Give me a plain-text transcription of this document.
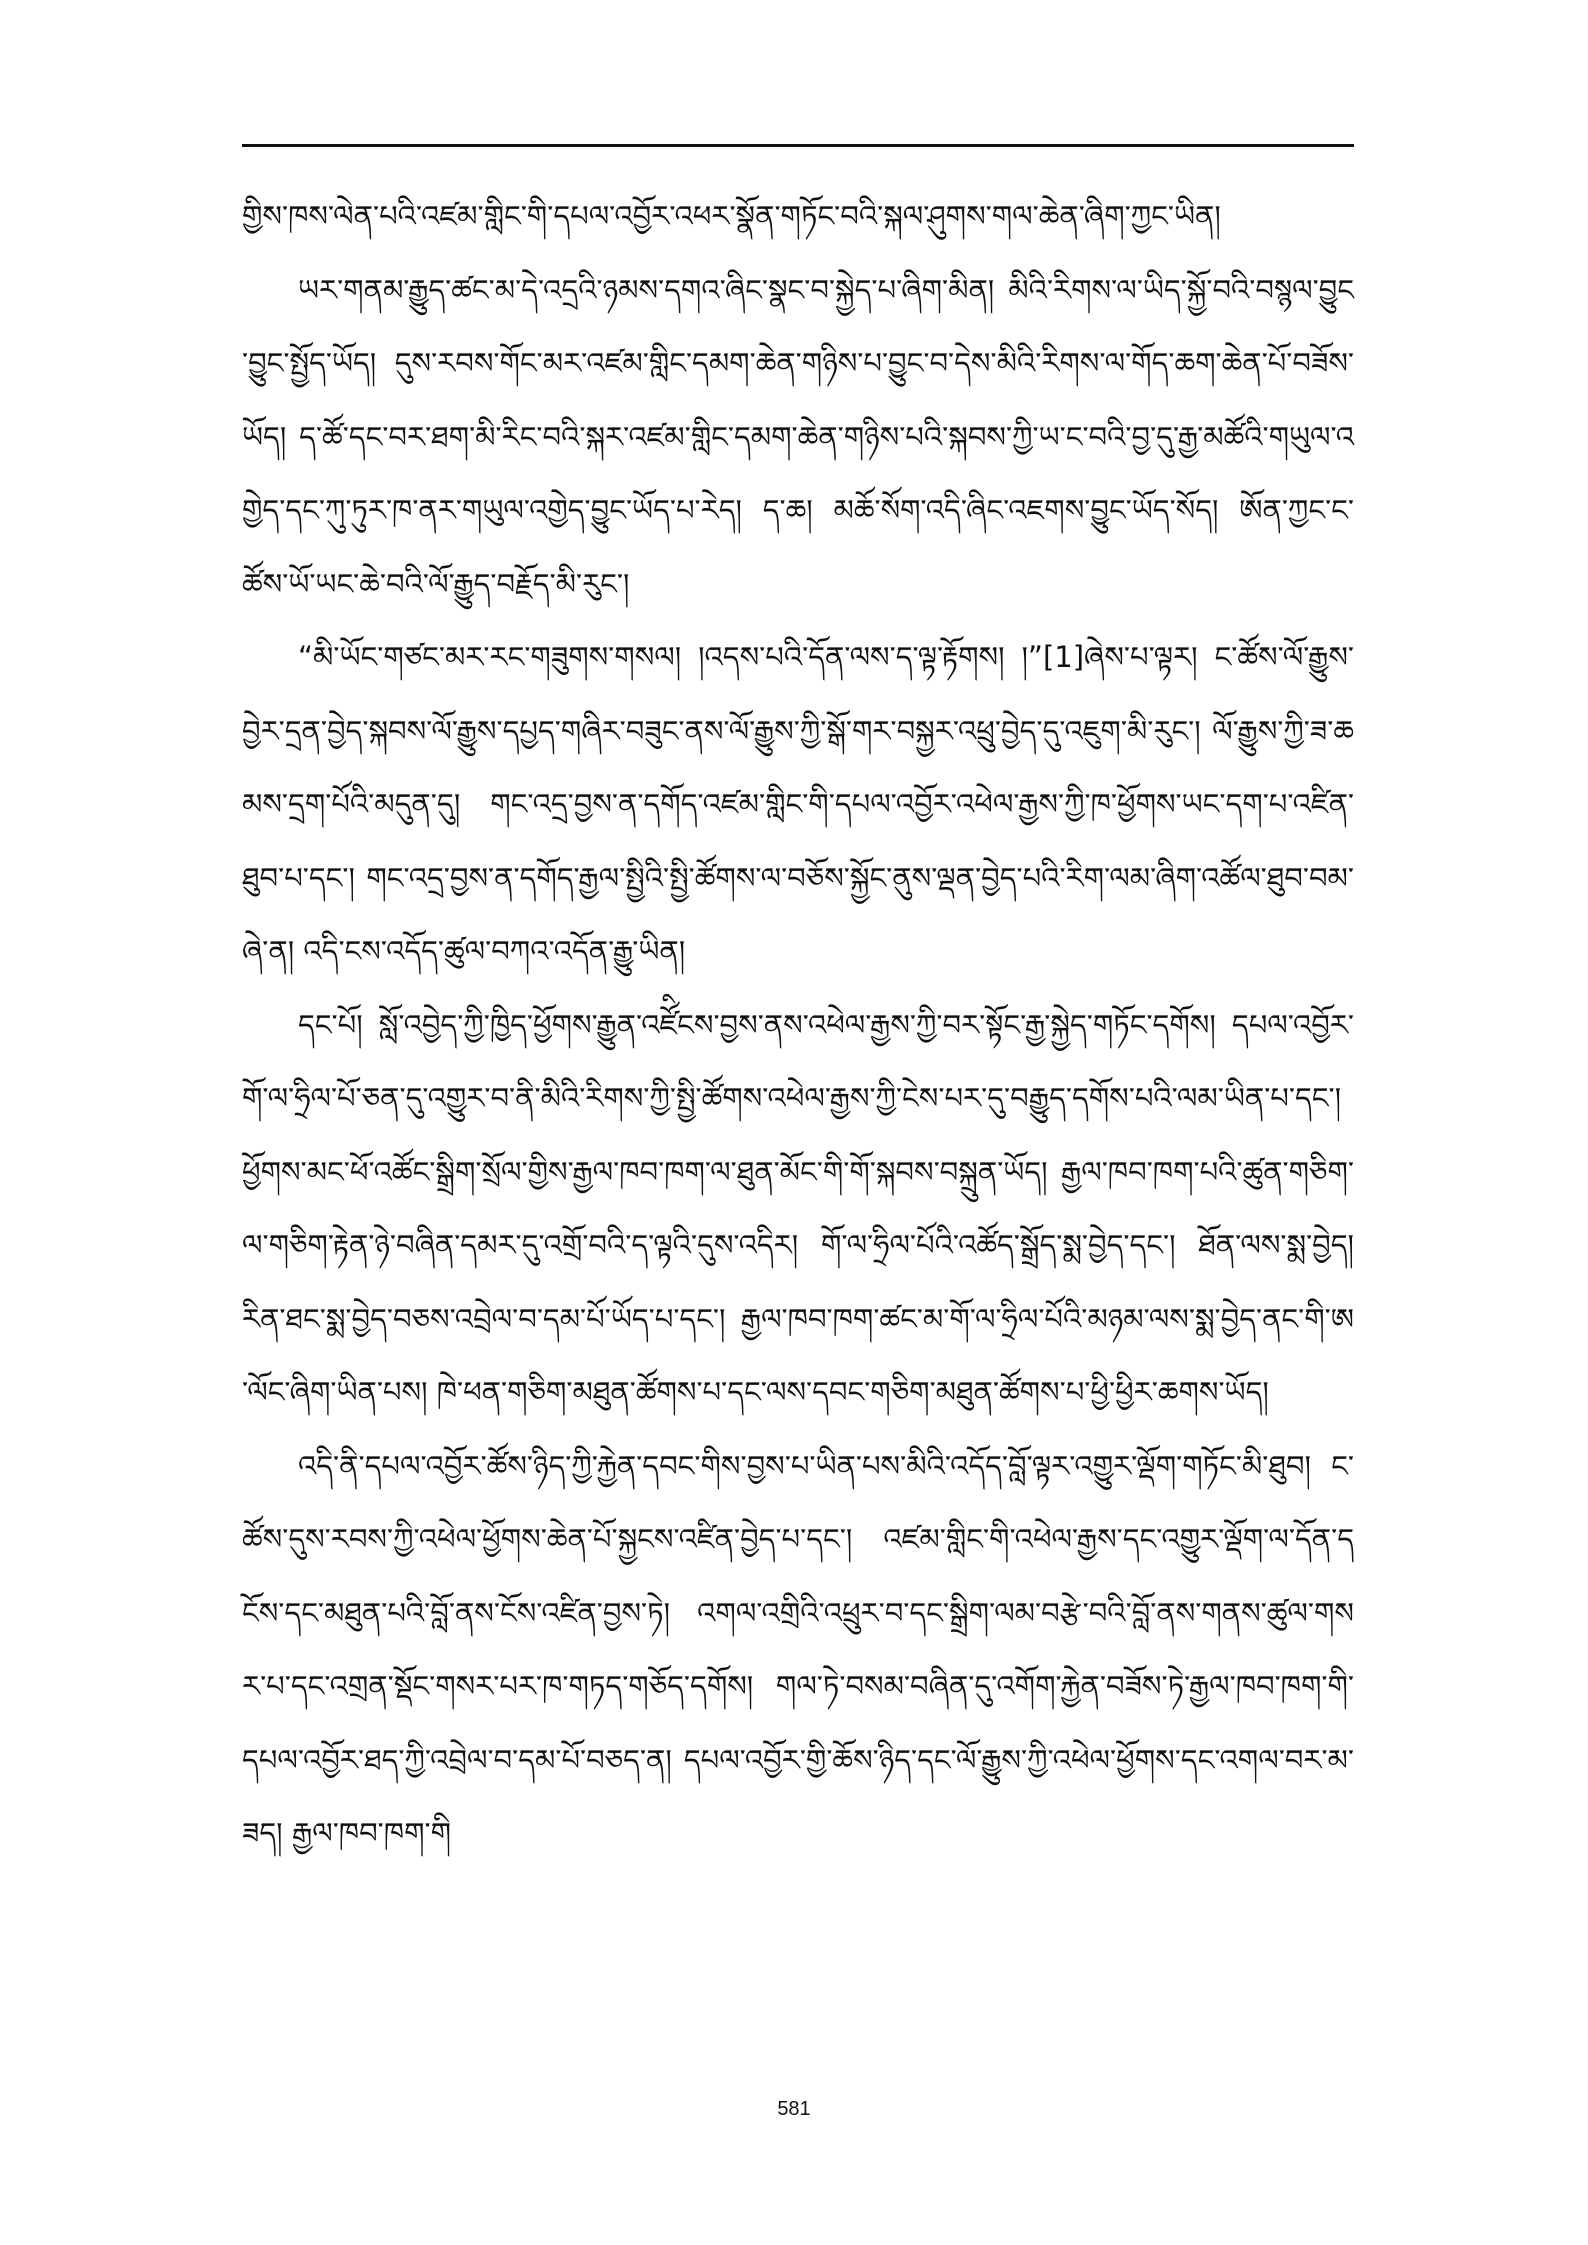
གྱིས་ཁས་ལེན་པའི་འཛམ་གླིང་གི་དཔལ་འབྱོར་འཕར་སྣོན་གཏོང་བའི་སྐལ་ཤུགས་གལ་ཆེན་ཞིག་ཀྱང་ཡིན།

ཡར་གནམ་རྒྱུད་ཚང་མ་དེ་འདྲའི་ཉམས་དགའ་ཞིང་སྣང་བ་སྐྱེད་པ་ཞིག་མིན། མིའི་རིགས་ལ་ཡིད་སྐྱོ་བའི་བསྙལ་བྱུང་བྱུང་སྤྱོད་ཡོད། དུས་རབས་གོང་མར་འཛམ་གླིང་དམག་ཆེན་གཉིས་པ་བྱུང་བ་དེས་མིའི་རིགས་ལ་གོད་ཆག་ཆེན་པོ་བཟོས་ཡོད། ད་ཚོ་དང་བར་ཐག་མི་རིང་བའི་སྐར་འཛམ་གླིང་དམག་ཆེན་གཉིས་པའི་སྐབས་ཀྱི་ཡ་ང་བའི་བྱ་དུ་རྒྱ་མཚོའི་གཡུལ་འགྱེད་དང་ཀུ་ཏུར་ཁ་ནར་གཡུལ་འགྱེད་བྱུང་ཡོད་པ་རེད། ད་ཆ། མཆོ་སོག་འདི་ཞིང་འཇགས་བྱུང་ཡོད་སོད། ཨོན་ཀྱང་ང་ཚོས་ཡོ་ཡང་ཆེ་བའི་ལོ་རྒྱུད་བརྗོད་མི་རུང་།

“མི་ཡོང་གཙང་མར་རང་གཟུགས་གསལ། །འདས་པའི་དོན་ལས་ད་ལྟ་རྟོགས། །”[1]ཞེས་པ་ལྟར། ང་ཚོས་ལོ་རྒྱུས་བྱེར་དྲན་བྱེད་སྐབས་ལོ་རྒྱུས་དཔྱད་གཞིར་བཟུང་ནས་ལོ་རྒྱུས་ཀྱི་སྒོ་གར་བསྐྱར་འཕྲུ་བྱེད་དུ་འཇུག་མི་རུང་། ལོ་རྒྱུས་ཀྱི་ཟ་ཆམས་དྲག་པོའི་མདུན་དུ། གང་འདྲ་བྱས་ན་དགོད་འཛམ་གླིང་གི་དཔལ་འབྱོར་འཕེལ་རྒྱས་ཀྱི་ཁ་ཕྱོགས་ཡང་དག་པ་འཛིན་ཐུབ་པ་དང་། གང་འདྲ་བྱས་ན་དགོད་རྒྱལ་སྤྱིའི་སྤྱི་ཚོགས་ལ་བཅོས་སྐྱོང་ནུས་ལྡན་བྱེད་པའི་རིག་ལམ་ཞིག་འཚོལ་ཐུབ་བམ་ཞེ་ན། འདི་ངས་འདོད་ཚུལ་བཀའ་འདོན་རྒྱུ་ཡིན།

དང་པོ། སློ་འབྱེད་ཀྱི་ཁྱིད་ཕྱོགས་རྒྱུན་འཛོིངས་བྱས་ནས་འཕེལ་རྒྱས་ཀྱི་བར་སྟོང་རྒྱ་སྐྱེད་གཏོང་དགོས། དཔལ་འབྱོར་གོ་ལ་ཧྲིལ་པོ་ཅན་དུ་འགྱུར་བ་ནི་མིའི་རིགས་ཀྱི་སྤྱི་ཚོགས་འཕེལ་རྒྱས་ཀྱི་ངེས་པར་དུ་བརྒྱུད་དགོས་པའི་ལམ་ཡིན་པ་དང་། ཕྱོགས་མང་ཕོ་འཚོང་སྒྲིག་སྲོལ་གྱིས་རྒྱལ་ཁབ་ཁག་ལ་ཐུན་མོང་གི་གོ་སྐབས་བསྐྲུན་ཡོད། རྒྱལ་ཁབ་ཁག་པའི་ཚུན་གཅིག་ལ་གཅིག་རྟེན་ཉེ་བཞིན་དམར་དུ་འགྲོ་བའི་ད་ལྟའི་དུས་འདིར། གོ་ལ་ཧྲིལ་པོའི་འཚོད་སྒྲོད་སྨ་བྱེད་དང་། ཐོན་ལས་སྨ་བྱེད། རིན་ཐང་སྨ་བྱེད་བཅས་འབྲེལ་བ་དམ་པོ་ཡོད་པ་དང་། རྒྱལ་ཁབ་ཁག་ཚང་མ་གོ་ལ་ཧྲིལ་པོའི་མཉམ་ལས་སྨ་བྱེད་ནང་གི་ཨ་ལོང་ཞིག་ཡིན་པས། ཁེ་ཕན་གཅིག་མཐུན་ཚོགས་པ་དང་ལས་དབང་གཅིག་མཐུན་ཚོགས་པ་ཕྱི་ཕྱིར་ཆགས་ཡོད།

འདི་ནི་དཔལ་འབྱོར་ཚོས་ཉིད་ཀྱི་རྐྱེན་དབང་གིས་བྱས་པ་ཡིན་པས་མིའི་འདོད་བློ་ལྟར་འགྱུར་ལྡོག་གཏོང་མི་ཐུབ། ང་ཚོས་དུས་རབས་ཀྱི་འཕེལ་ཕྱོགས་ཆེན་པོ་སྐྱངས་འཛིན་བྱེད་པ་དང་། འཛམ་གླིང་གི་འཕེལ་རྒྱས་དང་འགྱུར་ལྡོག་ལ་དོན་དངོས་དང་མཐུན་པའི་བློ་ནས་ངོས་འཛིན་བྱས་ཏེ། འགལ་འགྲིའི་འཕྲུར་བ་དང་སྒྲིག་ལམ་བརྩེ་བའི་བློ་ནས་གནས་ཚུལ་གསར་པ་དང་འགྲན་སྡོང་གསར་པར་ཁ་གཏད་གཅོད་དགོས། གལ་ཏེ་བསམ་བཞིན་དུ་འགོག་རྐྱེན་བཟོས་ཏེ་རྒྱལ་ཁབ་ཁག་གི་དཔལ་འབྱོར་ཐད་ཀྱི་འབྲེལ་བ་དམ་པོ་བཅད་ན། དཔལ་འབྱོར་གྱི་ཆོས་ཉིད་དང་ལོ་རྒྱུས་ཀྱི་འཕེལ་ཕྱོགས་དང་འགལ་བར་མ་ཟད། རྒྱལ་ཁབ་ཁག་གི

581
